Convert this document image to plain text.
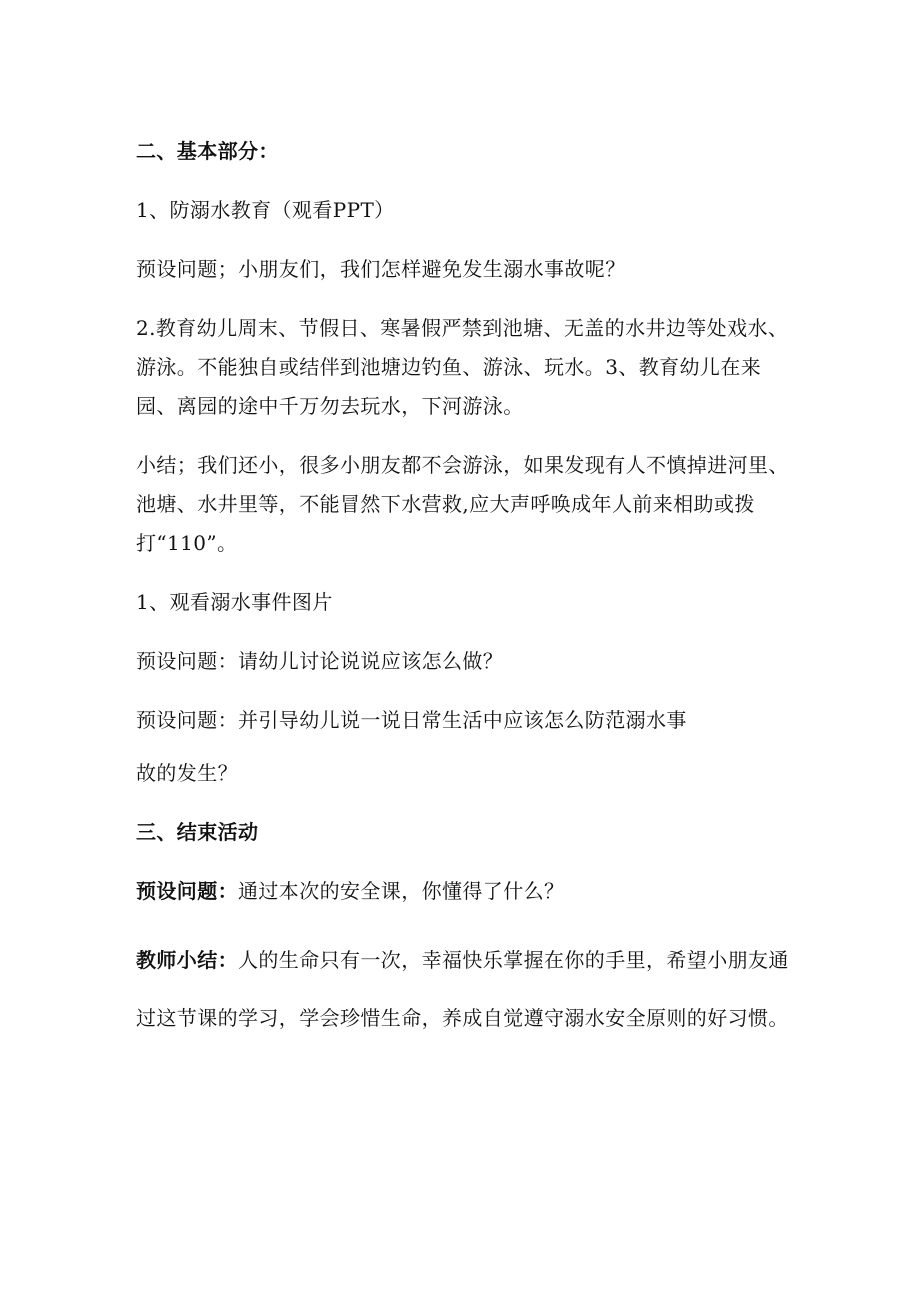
二、基本部分：

1、防溺水教育（观看PPT）

预设问题；小朋友们，我们怎样避免发生溺水事故呢？

2.教育幼儿周末、节假日、寒暑假严禁到池塘、无盖的水井边等处戏水、游泳。不能独自或结伴到池塘边钓鱼、游泳、玩水。3、教育幼儿在来园、离园的途中千万勿去玩水，下河游泳。

小结；我们还小，很多小朋友都不会游泳，如果发现有人不慎掉进河里、池塘、水井里等，不能冒然下水营救,应大声呼唤成年人前来相助或拨打“110”。

1、观看溺水事件图片

预设问题：请幼儿讨论说说应该怎么做？

预设问题：并引导幼儿说一说日常生活中应该怎么防范溺水事

故的发生？

三、结束活动

预设问题：通过本次的安全课，你懂得了什么？

教师小结：人的生命只有一次，幸福快乐掌握在你的手里，希望小朋友通过这节课的学习，学会珍惜生命，养成自觉遵守溺水安全原则的好习惯。
